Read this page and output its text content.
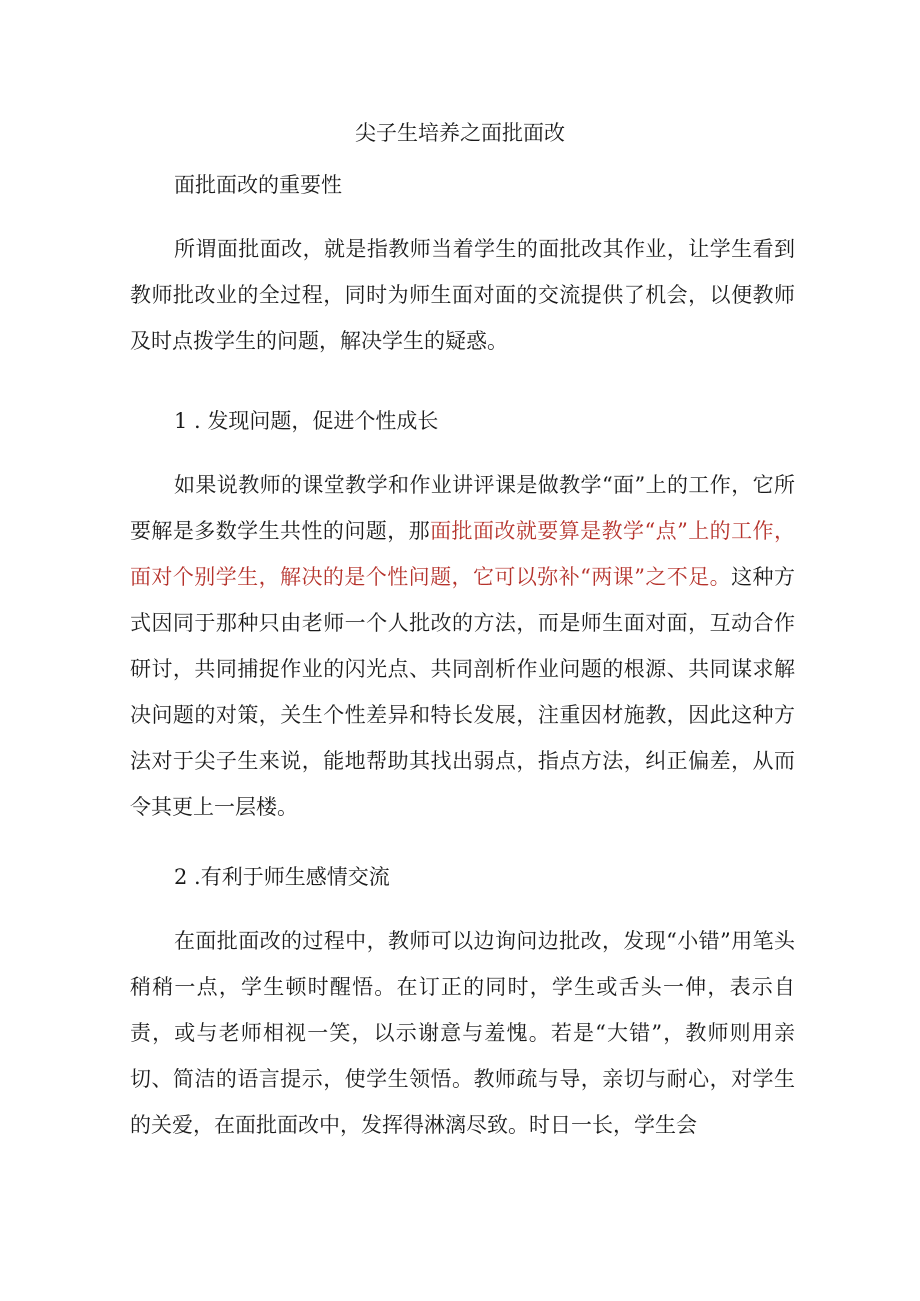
尖子生培养之面批面改
面批面改的重要性

所谓面批面改，就是指教师当着学生的面批改其作业，让学生看到教师批改业的全过程，同时为师生面对面的交流提供了机会，以便教师及时点拨学生的问题，解决学生的疑惑。

1 . 发现问题，促进个性成长

如果说教师的课堂教学和作业讲评课是做教学“面”上的工作，它所要解是多数学生共性的问题，那面批面改就要算是教学“点”上的工作，面对个别学生，解决的是个性问题，它可以弥补“两课”之不足。这种方式因同于那种只由老师一个人批改的方法，而是师生面对面，互动合作研讨，共同捕捉作业的闪光点、共同剖析作业问题的根源、共同谋求解决问题的对策，关生个性差异和特长发展，注重因材施教，因此这种方法对于尖子生来说，能地帮助其找出弱点，指点方法，纠正偏差，从而令其更上一层楼。

2 .有利于师生感情交流

在面批面改的过程中，教师可以边询问边批改，发现“小错”用笔头稍稍一点，学生顿时醒悟。在订正的同时，学生或舌头一伸，表示自责，或与老师相视一笑，以示谢意与羞愧。若是“大错”，教师则用亲切、简洁的语言提示，使学生领悟。教师疏与导，亲切与耐心，对学生的关爱，在面批面改中，发挥得淋漓尽致。时日一长，学生会
